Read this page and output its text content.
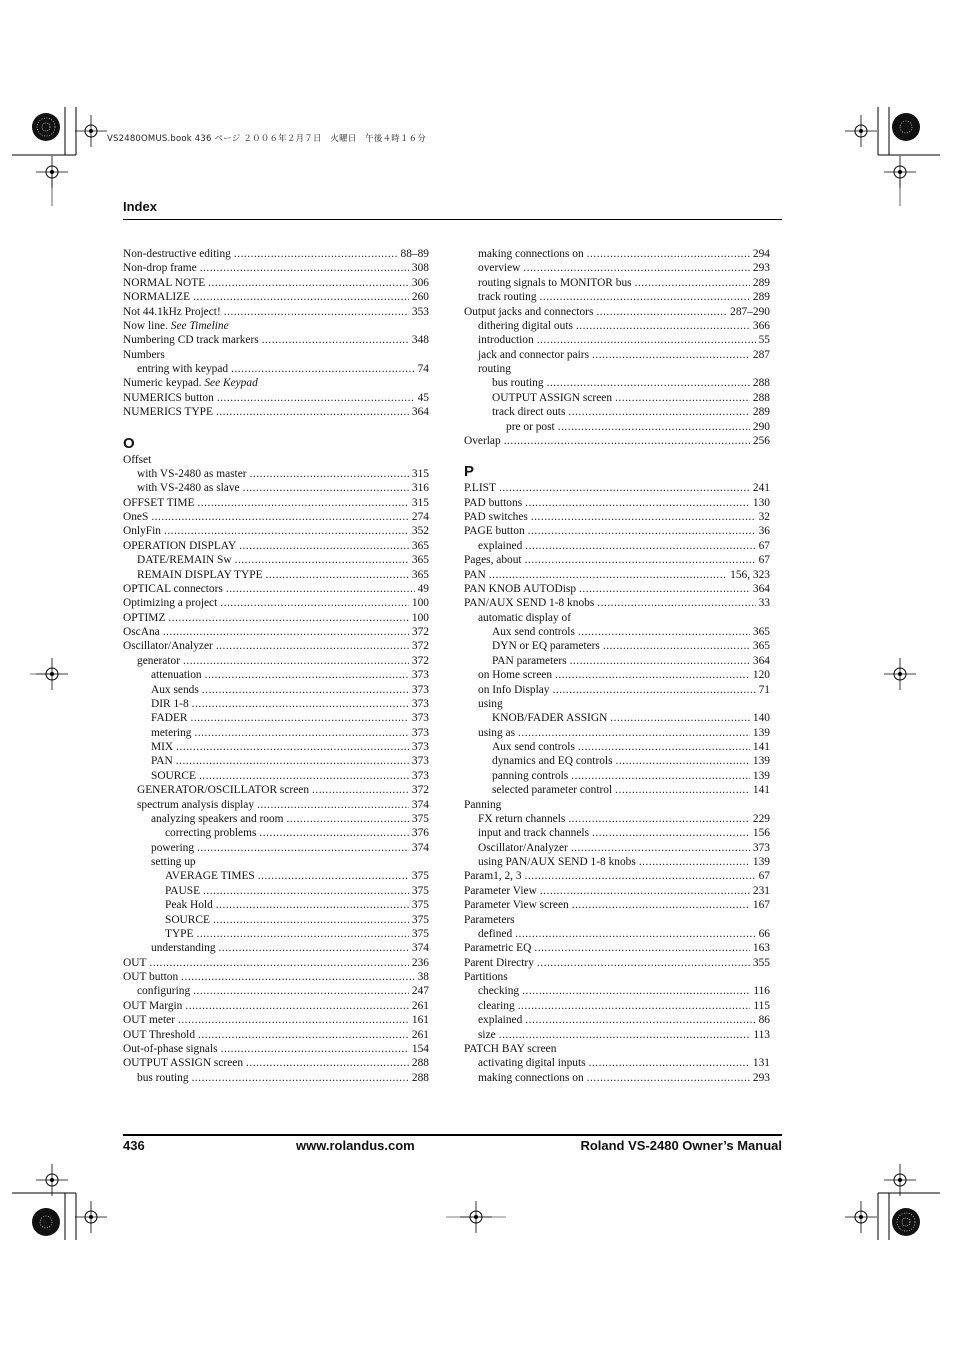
VS2480OMUS.book 436 ページ ２００６年２月７日　火曜日　午後４時１６分
Index
Non-destructive editing .....	88–89
Non-drop frame .....	308
NORMAL NOTE .....	306
NORMALIZE .....	260
Not 44.1kHz Project! .....	353
Now line. See Timeline
Numbering CD track markers .....	348
Numbers
entring with keypad .....	74
Numeric keypad. See Keypad
NUMERICS button .....	45
NUMERICS TYPE .....	364
O
Offset
with VS-2480 as master .....	315
with VS-2480 as slave .....	316
OFFSET TIME .....	315
OneS .....	274
OnlyFin .....	352
OPERATION DISPLAY .....	365
DATE/REMAIN Sw .....	365
REMAIN DISPLAY TYPE .....	365
OPTICAL connectors .....	49
Optimizing a project .....	100
OPTIMZ .....	100
OscAna .....	372
Oscillator/Analyzer .....	372
generator .....	372
attenuation .....	373
Aux sends .....	373
DIR 1-8 .....	373
FADER .....	373
metering .....	373
MIX .....	373
PAN .....	373
SOURCE .....	373
GENERATOR/OSCILLATOR screen .....	372
spectrum analysis display .....	374
analyzing speakers and room .....	375
correcting problems .....	376
powering .....	374
setting up
AVERAGE TIMES .....	375
PAUSE .....	375
Peak Hold .....	375
SOURCE .....	375
TYPE .....	375
understanding .....	374
OUT .....	236
OUT button .....	38
configuring .....	247
OUT Margin .....	261
OUT meter .....	161
OUT Threshold .....	261
Out-of-phase signals .....	154
OUTPUT ASSIGN screen .....	288
bus routing .....	288
making connections on .....	294
overview .....	293
routing signals to MONITOR bus .....	289
track routing .....	289
Output jacks and connectors .....	287–290
dithering digital outs .....	366
introduction .....	55
jack and connector pairs .....	287
routing
bus routing .....	288
OUTPUT ASSIGN screen .....	288
track direct outs .....	289
pre or post .....	290
Overlap .....	256
P
P.LIST .....	241
PAD buttons .....	130
PAD switches .....	32
PAGE button .....	36
explained .....	67
Pages, about .....	67
PAN .....	156, 323
PAN KNOB AUTODisp .....	364
PAN/AUX SEND 1-8 knobs .....	33
automatic display of
Aux send controls .....	365
DYN or EQ parameters .....	365
PAN parameters .....	364
on Home screen .....	120
on Info Display .....	71
using
KNOB/FADER ASSIGN .....	140
using as .....	139
Aux send controls .....	141
dynamics and EQ controls .....	139
panning controls .....	139
selected parameter control .....	141
Panning
FX return channels .....	229
input and track channels .....	156
Oscillator/Analyzer .....	373
using PAN/AUX SEND 1-8 knobs .....	139
Param1, 2, 3 .....	67
Parameter View .....	231
Parameter View screen .....	167
Parameters
defined .....	66
Parametric EQ .....	163
Parent Directry .....	355
Partitions
checking .....	116
clearing .....	115
explained .....	86
size .....	113
PATCH BAY screen
activating digital inputs .....	131
making connections on .....	293
436	www.rolandus.com	Roland VS-2480 Owner’s Manual
